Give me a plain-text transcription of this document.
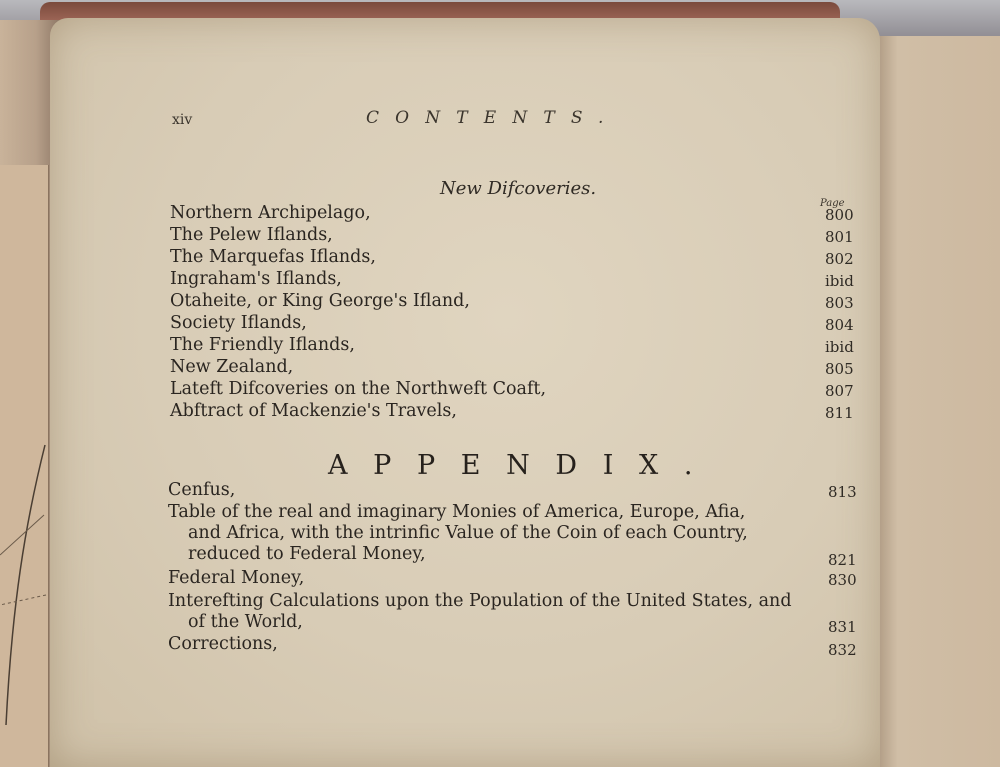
xiv	CONTENTS.
New Difcoveries.
Page
Northern Archipelago,	800
The Pelew Iflands,	801
The Marquefas Iflands,	802
Ingraham's Iflands,	ibid
Otaheite, or King George's Ifland,	803
Society Iflands,	804
The Friendly Iflands,	ibid
New Zealand,	805
Lateft Difcoveries on the Northweft Coaft,	807
Abftract of Mackenzie's Travels,	811
APPENDIX.
Cenfus,	813
Table of the real and imaginary Monies of America, Europe, Afia,
and Africa, with the intrinfic Value of the Coin of each Country,
reduced to Federal Money,	821
Federal Money,	830
Interefting Calculations upon the Population of the United States, and
of the World,	831
Corrections,	832
